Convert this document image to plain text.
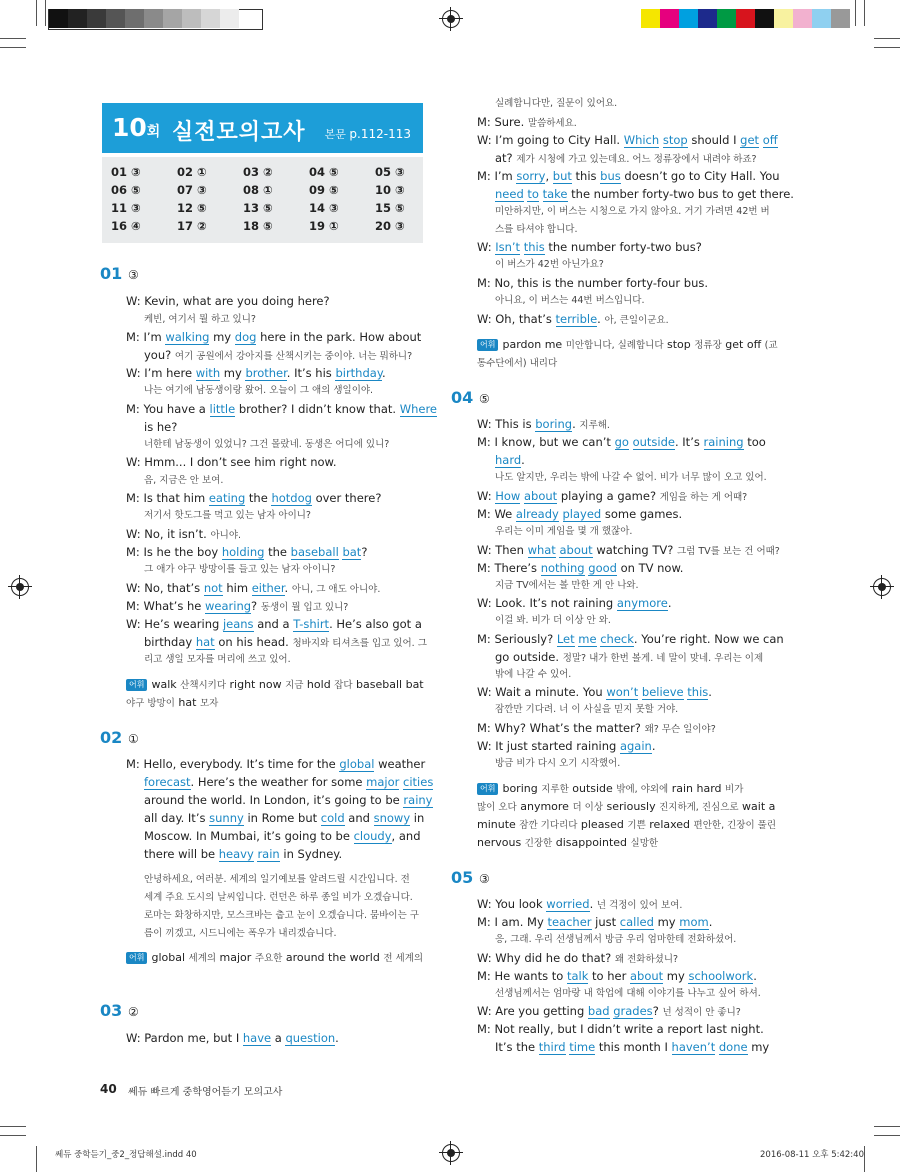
10회 실전모의고사 본문 p.112-113
01 ③	02 ①	03 ②	04 ⑤	05 ③
06 ⑤	07 ③	08 ①	09 ⑤	10 ③
11 ③	12 ⑤	13 ⑤	14 ③	15 ⑤
16 ④	17 ②	18 ⑤	19 ①	20 ③
01 ③
W: Kevin, what are you doing here?
케빈, 여기서 뭘 하고 있니?
M: I’m walking my dog here in the park. How about
you? 여기 공원에서 강아지를 산책시키는 중이야. 너는 뭐하니?
W: I’m here with my brother. It’s his birthday.
나는 여기에 남동생이랑 왔어. 오늘이 그 애의 생일이야.
M: You have a little brother? I didn’t know that. Where
is he?
너한테 남동생이 있었니? 그건 몰랐네. 동생은 어디에 있니?
W: Hmm... I don’t see him right now.
음, 지금은 안 보여.
M: Is that him eating the hotdog over there?
저기서 핫도그를 먹고 있는 남자 아이니?
W: No, it isn’t. 아니야.
M: Is he the boy holding the baseball bat?
그 애가 야구 방망이를 들고 있는 남자 아이니?
W: No, that’s not him either. 아니, 그 애도 아니야.
M: What’s he wearing? 동생이 뭘 입고 있니?
W: He’s wearing jeans and a T-shirt. He’s also got a
birthday hat on his head. 청바지와 티셔츠를 입고 있어. 그
리고 생일 모자를 머리에 쓰고 있어.
어휘 walk 산책시키다 right now 지금 hold 잡다 baseball bat
야구 방망이 hat 모자
02 ①
M: Hello, everybody. It’s time for the global weather
forecast. Here’s the weather for some major cities
around the world. In London, it’s going to be rainy
all day. It’s sunny in Rome but cold and snowy in
Moscow. In Mumbai, it’s going to be cloudy, and
there will be heavy rain in Sydney.
안녕하세요, 여러분. 세계의 일기예보를 알려드릴 시간입니다. 전
세계 주요 도시의 날씨입니다. 런던은 하루 종일 비가 오겠습니다.
로마는 화창하지만, 모스크바는 춥고 눈이 오겠습니다. 뭄바이는 구
름이 끼겠고, 시드니에는 폭우가 내리겠습니다.
어휘 global 세계의 major 주요한 around the world 전 세계의
03 ②
W: Pardon me, but I have a question.
실례합니다만, 질문이 있어요.
M: Sure. 말씀하세요.
W: I’m going to City Hall. Which stop should I get off
at? 제가 시청에 가고 있는데요. 어느 정류장에서 내려야 하죠?
M: I’m sorry, but this bus doesn’t go to City Hall. You
need to take the number forty-two bus to get there.
미안하지만, 이 버스는 시청으로 가지 않아요. 거기 가려면 42번 버
스를 타셔야 합니다.
W: Isn’t this the number forty-two bus?
이 버스가 42번 아닌가요?
M: No, this is the number forty-four bus.
아니요, 이 버스는 44번 버스입니다.
W: Oh, that’s terrible. 아, 큰일이군요.
어휘 pardon me 미안합니다, 실례합니다 stop 정류장 get off (교
통수단에서) 내리다
04 ⑤
W: This is boring. 지루해.
M: I know, but we can’t go outside. It’s raining too
hard.
나도 알지만, 우리는 밖에 나갈 수 없어. 비가 너무 많이 오고 있어.
W: How about playing a game? 게임을 하는 게 어때?
M: We already played some games.
우리는 이미 게임을 몇 개 했잖아.
W: Then what about watching TV? 그럼 TV를 보는 건 어때?
M: There’s nothing good on TV now.
지금 TV에서는 볼 만한 게 안 나와.
W: Look. It’s not raining anymore.
이걸 봐. 비가 더 이상 안 와.
M: Seriously? Let me check. You’re right. Now we can
go outside. 정말? 내가 한번 볼게. 네 말이 맞네. 우리는 이제
밖에 나갈 수 있어.
W: Wait a minute. You won’t believe this.
잠깐만 기다려. 너 이 사실을 믿지 못할 거야.
M: Why? What’s the matter? 왜? 무슨 일이야?
W: It just started raining again.
방금 비가 다시 오기 시작했어.
어휘 boring 지루한 outside 밖에, 야외에 rain hard 비가
많이 오다 anymore 더 이상 seriously 진지하게, 진심으로 wait a
minute 잠깐 기다리다 pleased 기쁜 relaxed 편안한, 긴장이 풀린
nervous 긴장한 disappointed 실망한
05 ③
W: You look worried. 넌 걱정이 있어 보여.
M: I am. My teacher just called my mom.
응, 그래. 우리 선생님께서 방금 우리 엄마한테 전화하셨어.
W: Why did he do that? 왜 전화하셨니?
M: He wants to talk to her about my schoolwork.
선생님께서는 엄마랑 내 학업에 대해 이야기를 나누고 싶어 하셔.
W: Are you getting bad grades? 넌 성적이 안 좋니?
M: Not really, but I didn’t write a report last night.
It’s the third time this month I haven’t done my
40 쎄듀 빠르게 중학영어듣기 모의고사
쎄듀 중학듣기_중2_정답해설.indd 40	2016-08-11 오후 5:42:40
